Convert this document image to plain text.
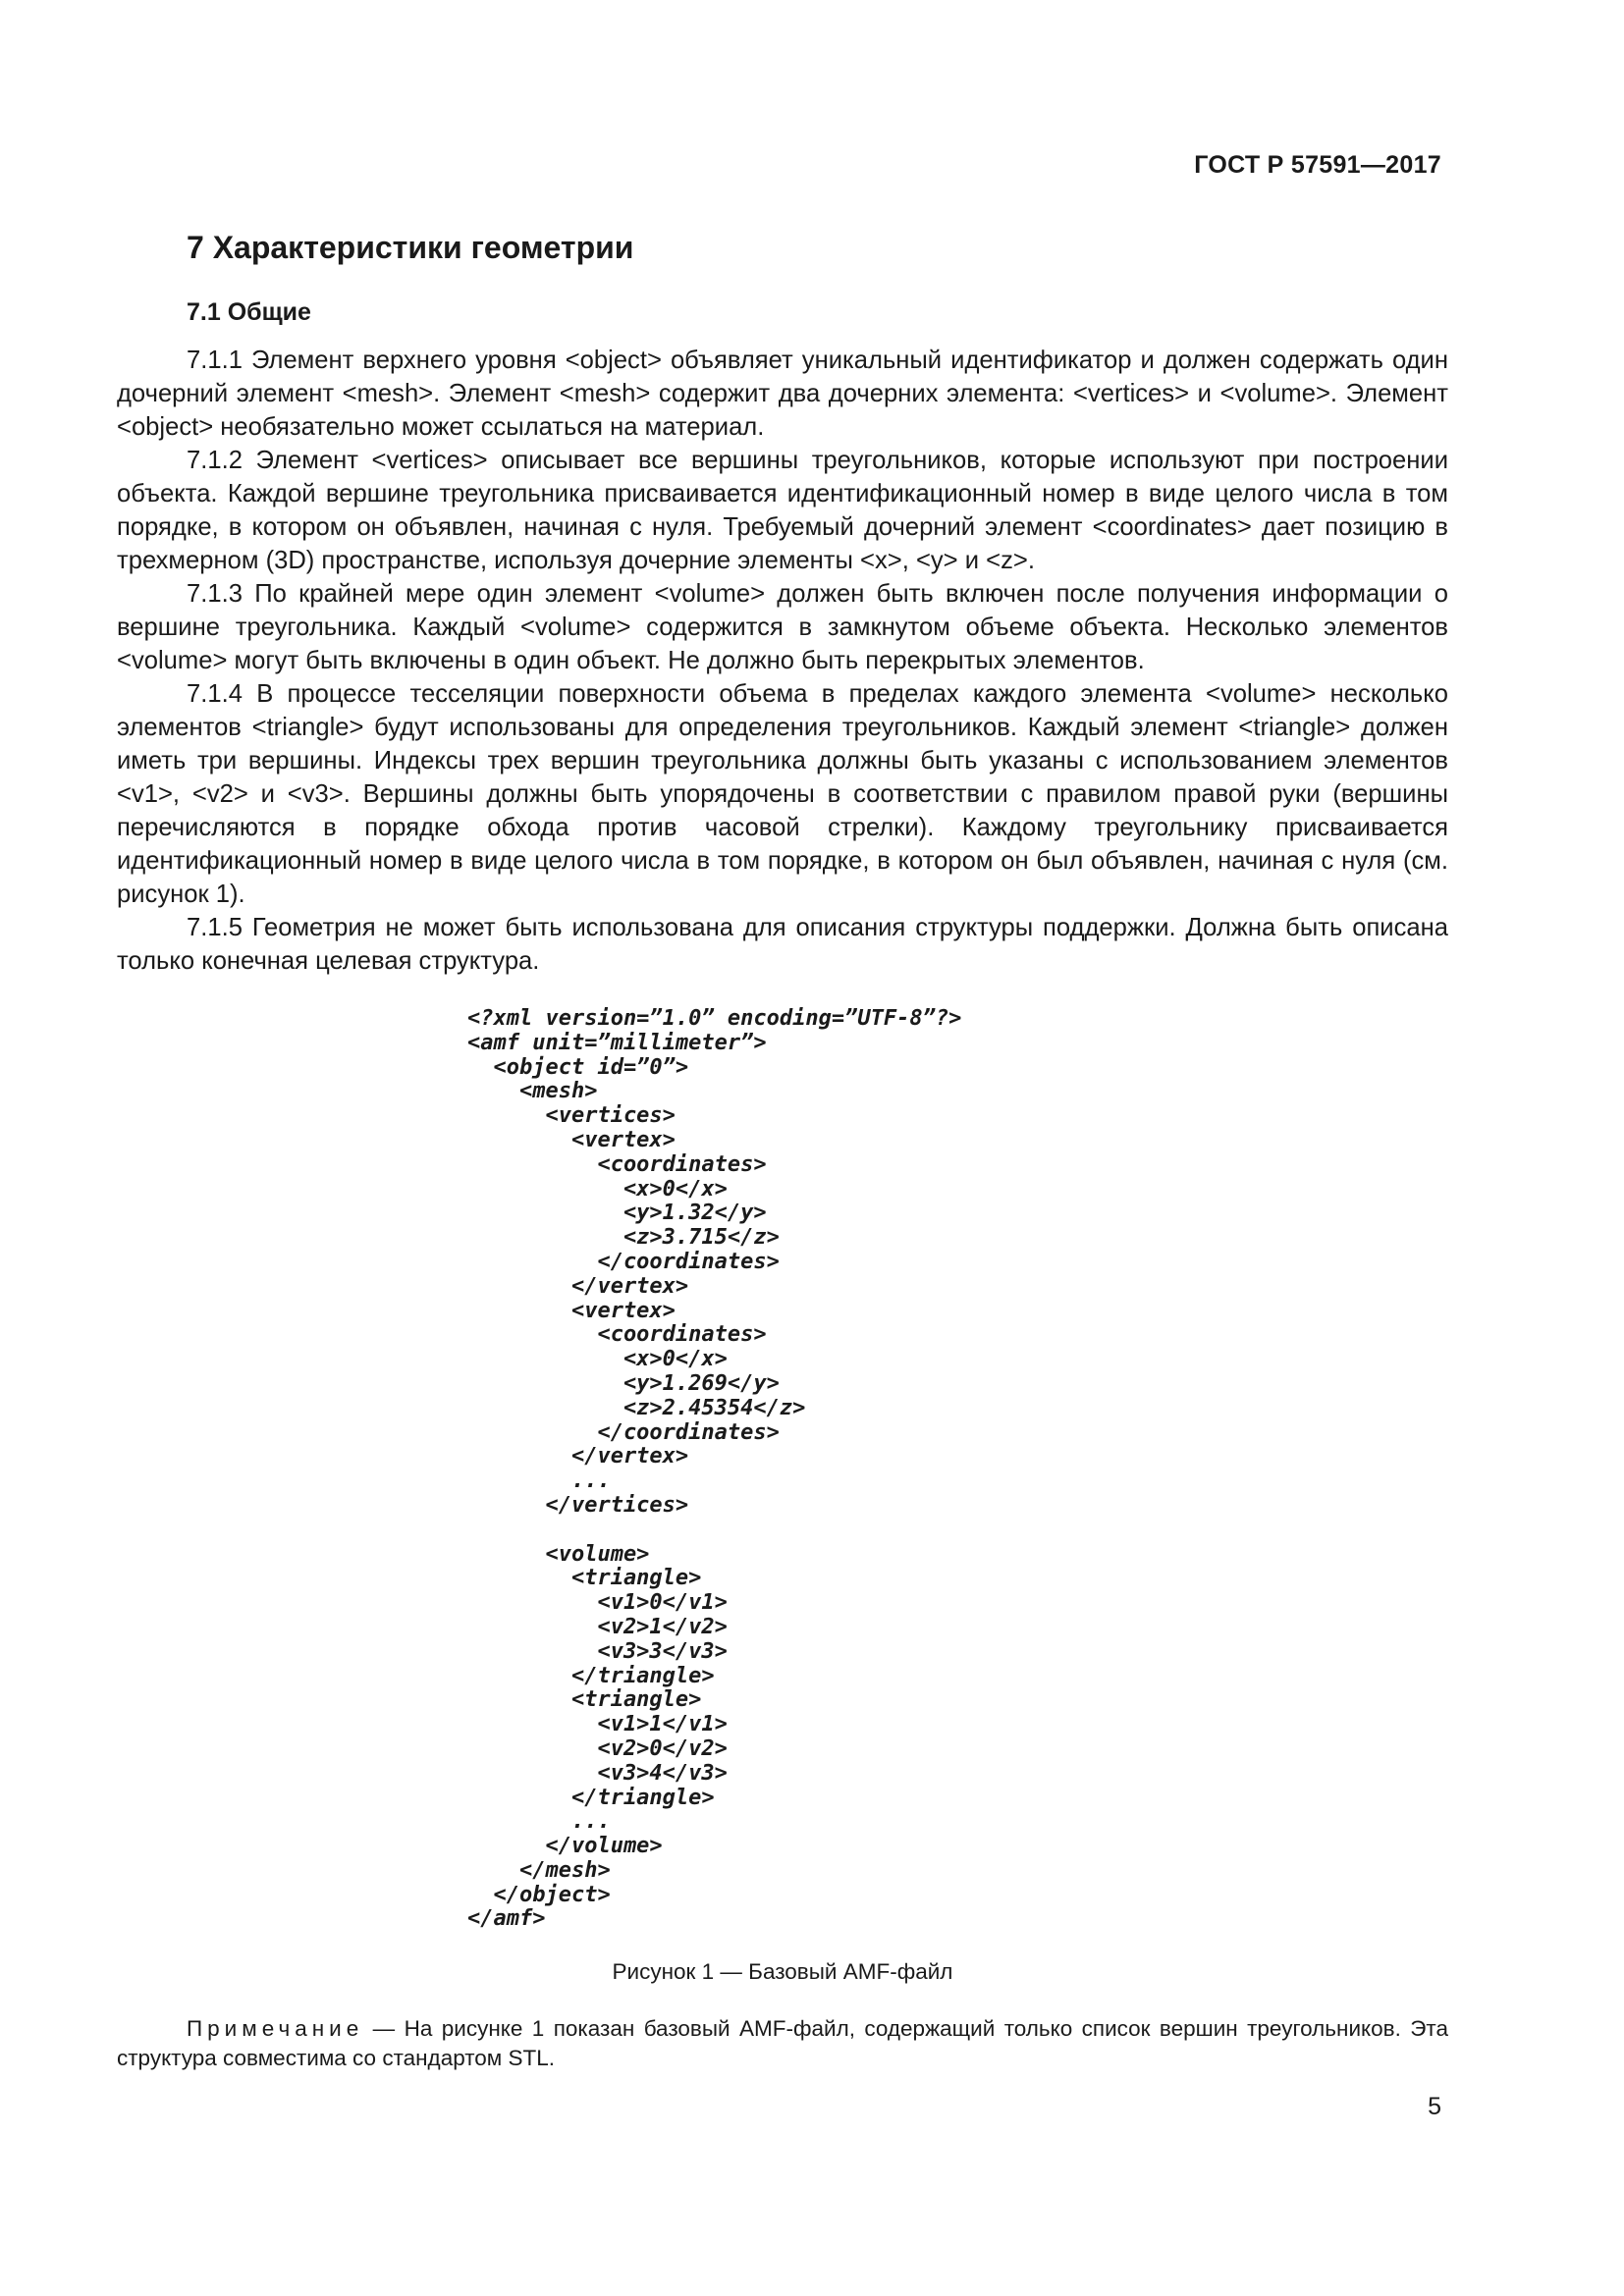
ГОСТ Р 57591—2017
7 Характеристики геометрии
7.1 Общие

7.1.1 Элемент верхнего уровня <object> объявляет уникальный идентификатор и должен содержать один дочерний элемент <mesh>. Элемент <mesh> содержит два дочерних элемента: <vertices> и <volume>. Элемент <object> необязательно может ссылаться на материал.

7.1.2 Элемент <vertices> описывает все вершины треугольников, которые используют при построении объекта. Каждой вершине треугольника присваивается идентификационный номер в виде целого числа в том порядке, в котором он объявлен, начиная с нуля. Требуемый дочерний элемент <coordinates> дает позицию в трехмерном (3D) пространстве, используя дочерние элементы <x>, <y> и <z>.

7.1.3 По крайней мере один элемент <volume> должен быть включен после получения информации о вершине треугольника. Каждый <volume> содержится в замкнутом объеме объекта. Несколько элементов <volume> могут быть включены в один объект. Не должно быть перекрытых элементов.

7.1.4 В процессе тесселяции поверхности объема в пределах каждого элемента <volume> несколько элементов <triangle> будут использованы для определения треугольников. Каждый элемент <triangle> должен иметь три вершины. Индексы трех вершин треугольника должны быть указаны с использованием элементов <v1>, <v2> и <v3>. Вершины должны быть упорядочены в соответствии с правилом правой руки (вершины перечисляются в порядке обхода против часовой стрелки). Каждому треугольнику присваивается идентификационный номер в виде целого числа в том порядке, в котором он был объявлен, начиная с нуля (см. рисунок 1).

7.1.5 Геометрия не может быть использована для описания структуры поддержки. Должна быть описана только конечная целевая структура.

<?xml version=”1.0” encoding=”UTF-8”?>
<amf unit=”millimeter”>
<object id=”0”>
<mesh>
<vertices>
<vertex>
<coordinates>
<x>0</x>
<y>1.32</y>
<z>3.715</z>
</coordinates>
</vertex>
<vertex>
<coordinates>
<x>0</x>
<y>1.269</y>
<z>2.45354</z>
</coordinates>
</vertex>
...
</vertices>

<volume>
<triangle>
<v1>0</v1>
<v2>1</v2>
<v3>3</v3>
</triangle>
<triangle>
<v1>1</v1>
<v2>0</v2>
<v3>4</v3>
</triangle>
...
</volume>
</mesh>
</object>
</amf>
Рисунок 1 — Базовый AMF-файл
Примечание — На рисунке 1 показан базовый AMF-файл, содержащий только список вершин треугольников. Эта структура совместима со стандартом STL.
5
